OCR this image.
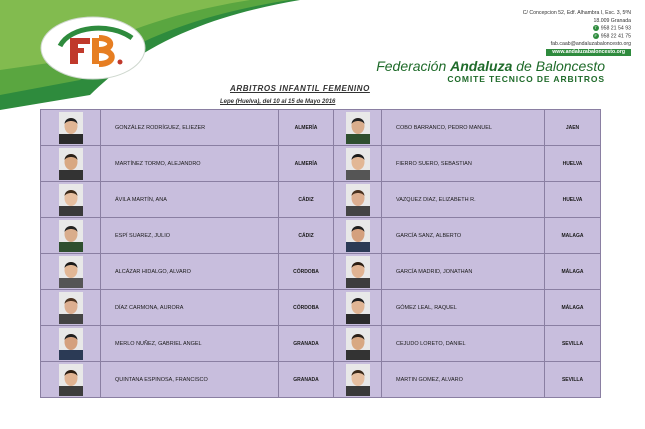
C/ Concepcion 52, Edf. Alhambra I, Esc. 3, 5ºN
18.009 Granada
T 958 21 54 93
F 958 22 41 75
fab.caab@andaluzabaloncesto.org
www.andaluzabaloncesto.org
Federación Andaluza de Baloncesto
COMITE TECNICO DE ARBITROS
ARBITROS INFANTIL FEMENINO
Lepe (Huelva), del 10 al 15 de Mayo 2016
	GONZÁLEZ RODRÍGUEZ, ELIEZER	ALMERÍA		COBO BARRANCO, PEDRO MANUEL	JAEN
	MARTÍNEZ TORMO, ALEJANDRO	ALMERÍA		FIERRO SUERO, SEBASTIAN	HUELVA
	ÁVILA MARTÍN, ANA	CÁDIZ		VAZQUEZ DIAZ, ELIZABETH R.	HUELVA
	ESPÍ SUAREZ, JULIO	CÁDIZ		GARCÍA SANZ, ALBERTO	MALAGA
	ALCÁZAR HIDALGO, ALVARO	CÓRDOBA		GARCÍA MADRID, JONATHAN	MÁLAGA
	DÍAZ CARMONA, AURORA	CÓRDOBA		GÓMEZ LEAL, RAQUEL	MÁLAGA
	MERLO NUÑEZ, GABRIEL ANGEL	GRANADA		CEJUDO LORETO, DANIEL	SEVILLA
	QUINTANA ESPINOSA, FRANCISCO	GRANADA		MARTIN GOMEZ, ALVARO	SEVILLA
